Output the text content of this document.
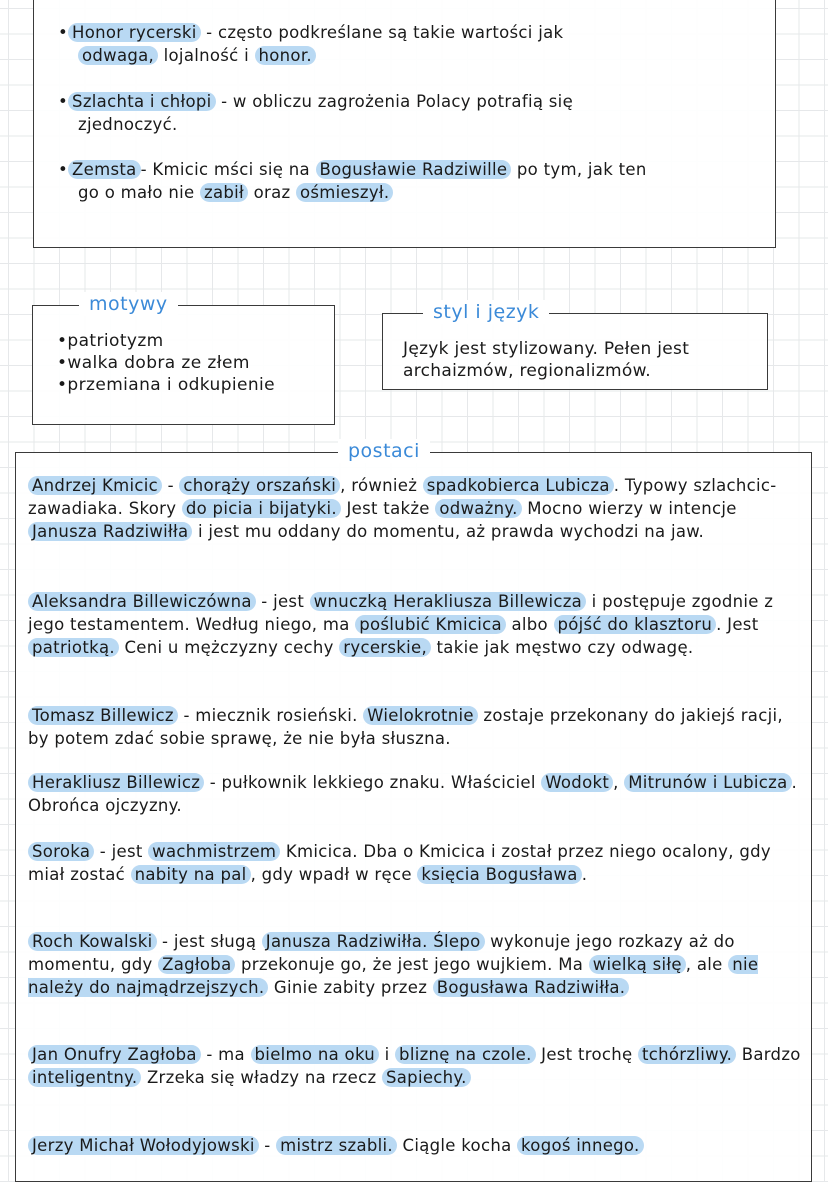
• Honor rycerski - często podkreślane są takie wartości jak
odwaga, lojalność i honor.
• Szlachta i chłopi - w obliczu zagrożenia Polacy potrafią się
zjednoczyć.
• Zemsta - Kmicic mści się na Bogusławie Radziwille po tym, jak ten
go o mało nie zabił oraz ośmieszył.
motywy
•patriotyzm
•walka dobra ze złem
•przemiana i odkupienie
styl i język
Język jest stylizowany. Pełen jest archaizmów, regionalizmów.
postaci
Andrzej Kmicic - chorąży orszański , również spadkobierca Lubicza . Typowy szlachcic-zawadiaka. Skory do picia i bijatyki. Jest także odważny. Mocno wierzy w intencje Janusza Radziwiłła i jest mu oddany do momentu, aż prawda wychodzi na jaw.
Aleksandra Billewiczówna - jest wnuczką Herakliusza Billewicza i postępuje zgodnie z jego testamentem. Według niego, ma poślubić Kmicica albo pójść do klasztoru . Jest patriotką. Ceni u mężczyzny cechy rycerskie, takie jak męstwo czy odwagę.
Tomasz Billewicz - miecznik rosieński. Wielokrotnie zostaje przekonany do jakiejś racji, by potem zdać sobie sprawę, że nie była słuszna.
Herakliusz Billewicz - pułkownik lekkiego znaku. Właściciel Wodokt , Mitrunów i Lubicza . Obrońca ojczyzny.
Soroka - jest wachmistrzem Kmicica. Dba o Kmicica i został przez niego ocalony, gdy miał zostać nabity na pal , gdy wpadł w ręce księcia Bogusława .
Roch Kowalski - jest sługą Janusza Radziwiłła. Ślepo wykonuje jego rozkazy aż do momentu, gdy Zagłoba przekonuje go, że jest jego wujkiem. Ma wielką siłę , ale nie należy do najmądrzejszych. Ginie zabity przez Bogusława Radziwiłła.
Jan Onufry Zagłoba - ma bielmo na oku i bliznę na czole. Jest trochę tchórzliwy. Bardzo inteligentny. Zrzeka się władzy na rzecz Sapiechy.
Jerzy Michał Wołodyjowski - mistrz szabli. Ciągle kocha kogoś innego.
